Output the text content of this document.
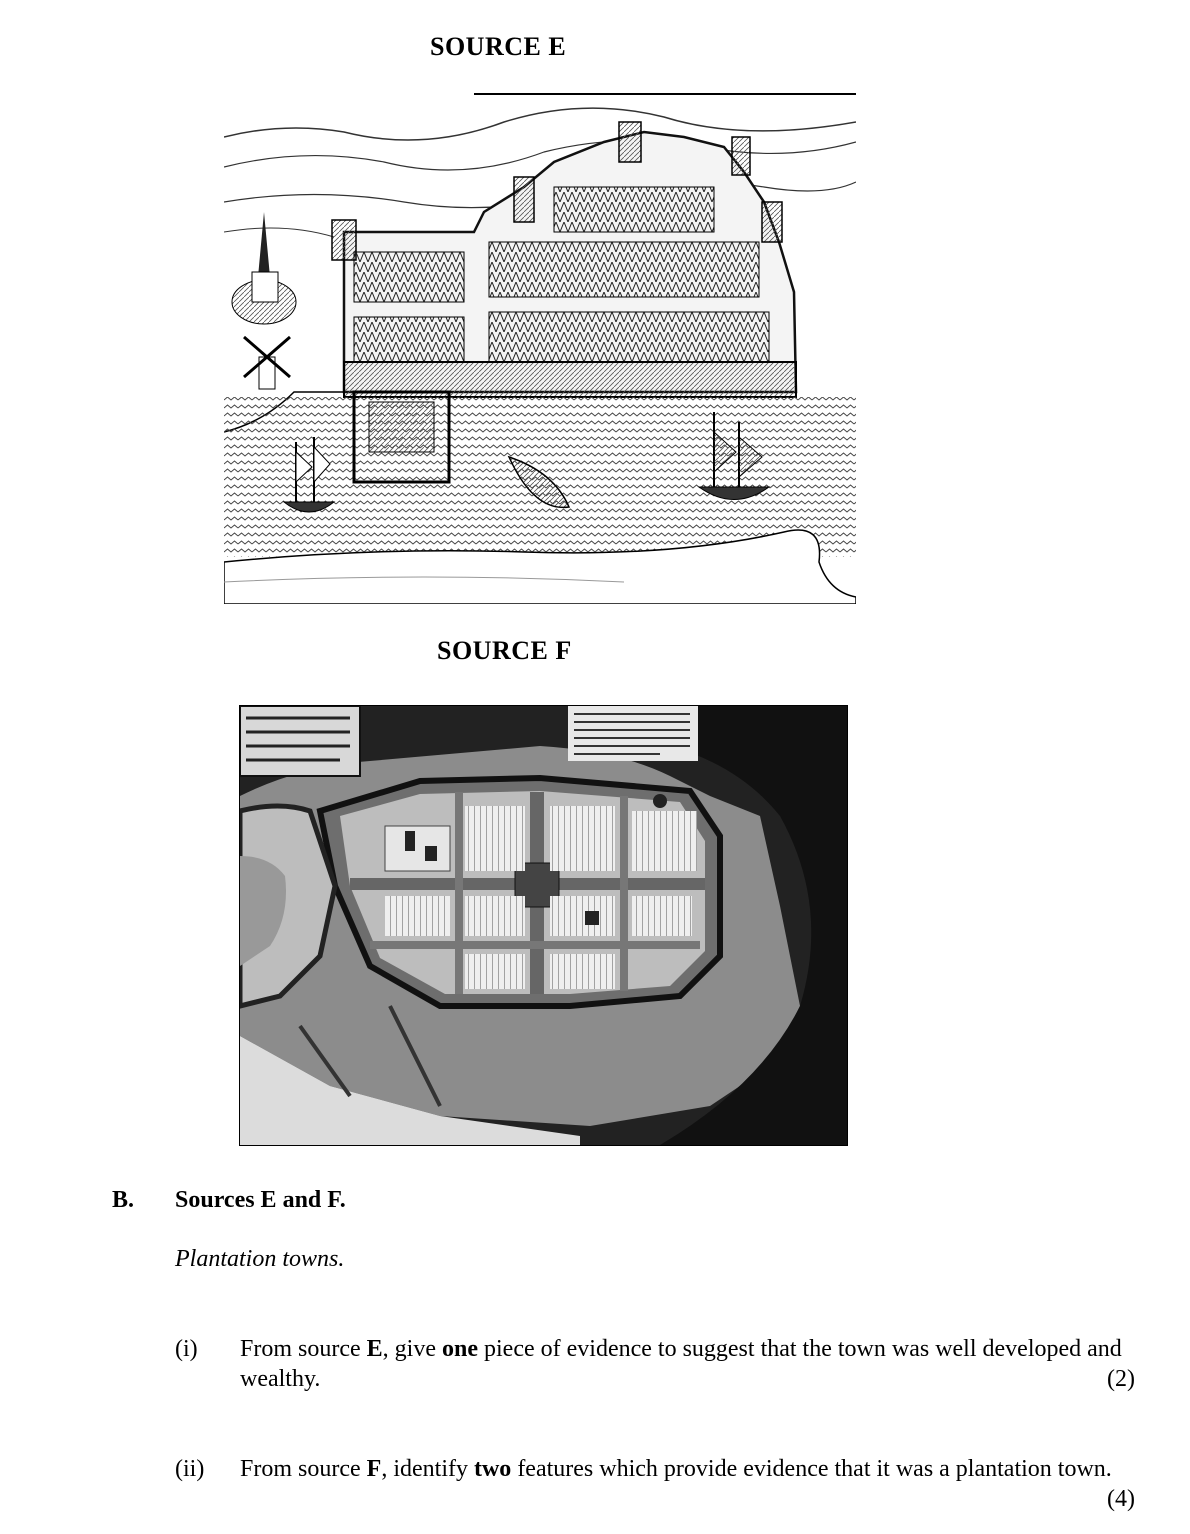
SOURCE E
SOURCE F
B. Sources E and F.
Plantation towns.
(i) From source E, give one piece of evidence to suggest that the town was well developed and wealthy.	(2)
(ii) From source F, identify two features which provide evidence that it was a plantation town.
(4)
